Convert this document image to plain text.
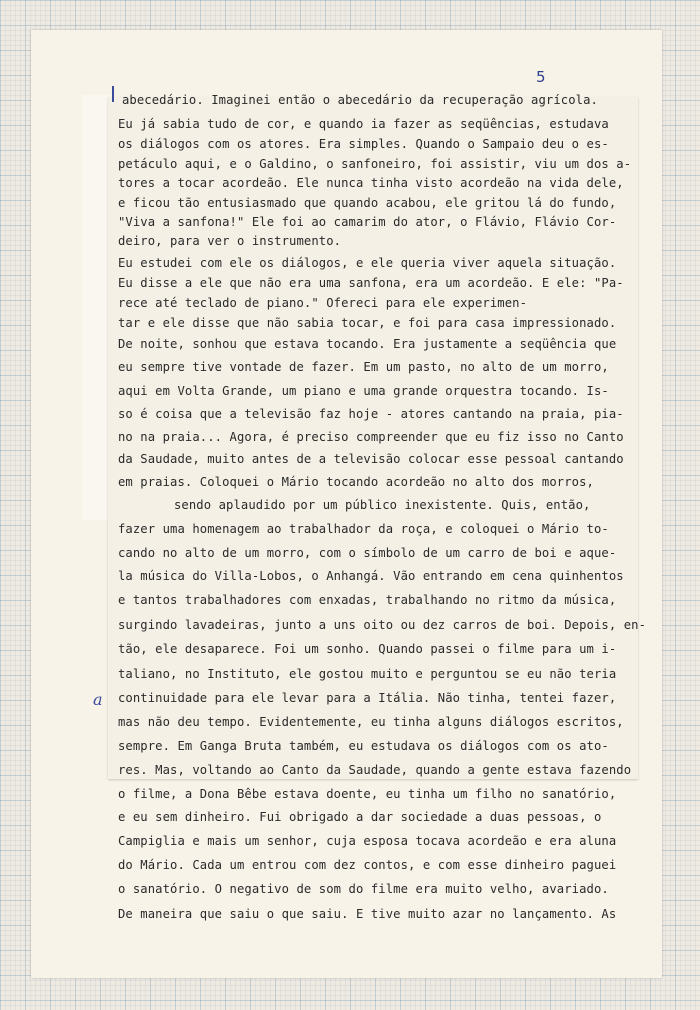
5
a

abecedário. Imaginei então o abecedário da recuperação agrícola.

Eu já sabia tudo de cor, e quando ia fazer as seqüências, estudava

os diálogos com os atores. Era simples. Quando o Sampaio deu o es-

petáculo aqui, e o Galdino, o sanfoneiro, foi assistir, viu um dos a-

tores a tocar acordeão. Ele nunca tinha visto acordeão na vida dele,

e ficou tão entusiasmado que quando acabou, ele gritou lá do fundo,

"Viva a sanfona!" Ele foi ao camarim do ator, o Flávio, Flávio Cor-

deiro, para ver o instrumento.

Eu estudei com ele os diálogos, e ele queria viver aquela situação.

Eu disse a ele que não era uma sanfona, era um acordeão. E ele: "Pa-

rece até teclado de piano." Ofereci para ele experimen-

tar e ele disse que não sabia tocar, e foi para casa impressionado.

De noite, sonhou que estava tocando. Era justamente a seqüência que

eu sempre tive vontade de fazer. Em um pasto, no alto de um morro,

aqui em Volta Grande, um piano e uma grande orquestra tocando. Is-

so é coisa que a televisão faz hoje - atores cantando na praia, pia-

no na praia... Agora, é preciso compreender que eu fiz isso no Canto

da Saudade, muito antes de a televisão colocar esse pessoal cantando

em praias. Coloquei o Mário tocando acordeão no alto dos morros,

sendo aplaudido por um público inexistente. Quis, então,

fazer uma homenagem ao trabalhador da roça, e coloquei o Mário to-

cando no alto de um morro, com o símbolo de um carro de boi e aque-

la música do Villa-Lobos, o Anhangá. Vão entrando em cena quinhentos

e tantos trabalhadores com enxadas, trabalhando no ritmo da música,

surgindo lavadeiras, junto a uns oito ou dez carros de boi. Depois, en-

tão, ele desaparece. Foi um sonho. Quando passei o filme para um i-

taliano, no Instituto, ele gostou muito e perguntou se eu não teria

continuidade para ele levar para a Itália. Não tinha, tentei fazer,

mas não deu tempo. Evidentemente, eu tinha alguns diálogos escritos,

sempre. Em Ganga Bruta também, eu estudava os diálogos com os ato-

res. Mas, voltando ao Canto da Saudade, quando a gente estava fazendo

o filme, a Dona Bêbe estava doente, eu tinha um filho no sanatório,

e eu sem dinheiro. Fui obrigado a dar sociedade a duas pessoas, o

Campiglia e mais um senhor, cuja esposa tocava acordeão e era aluna

do Mário. Cada um entrou com dez contos, e com esse dinheiro paguei

o sanatório. O negativo de som do filme era muito velho, avariado.

De maneira que saiu o que saiu. E tive muito azar no lançamento. As
